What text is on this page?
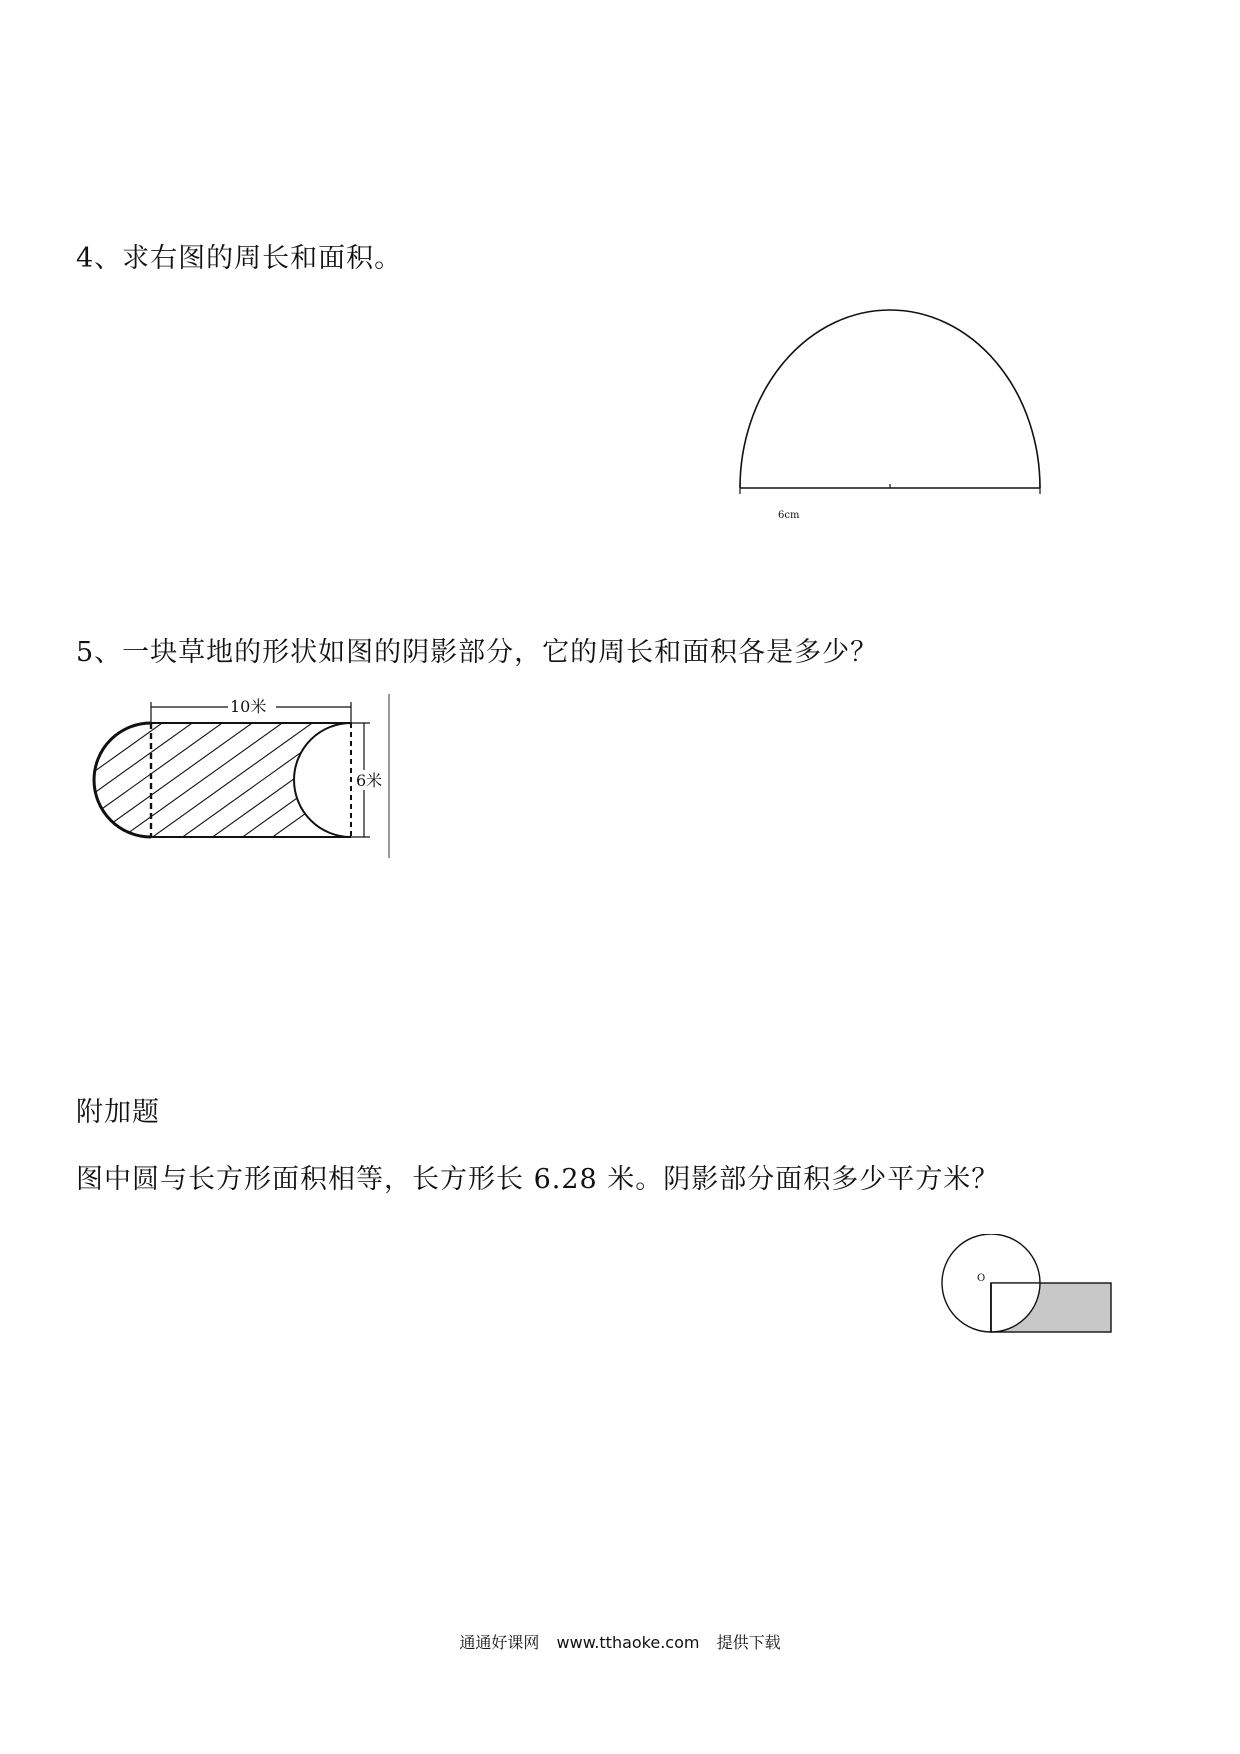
4、求右图的周长和面积。
6cm
5、一块草地的形状如图的阴影部分，它的周长和面积各是多少？
10米
6米
附加题
图中圆与长方形面积相等，长方形长 6.28 米。阴影部分面积多少平方米？
O
通通好课网 www.tthaoke.com 提供下载
